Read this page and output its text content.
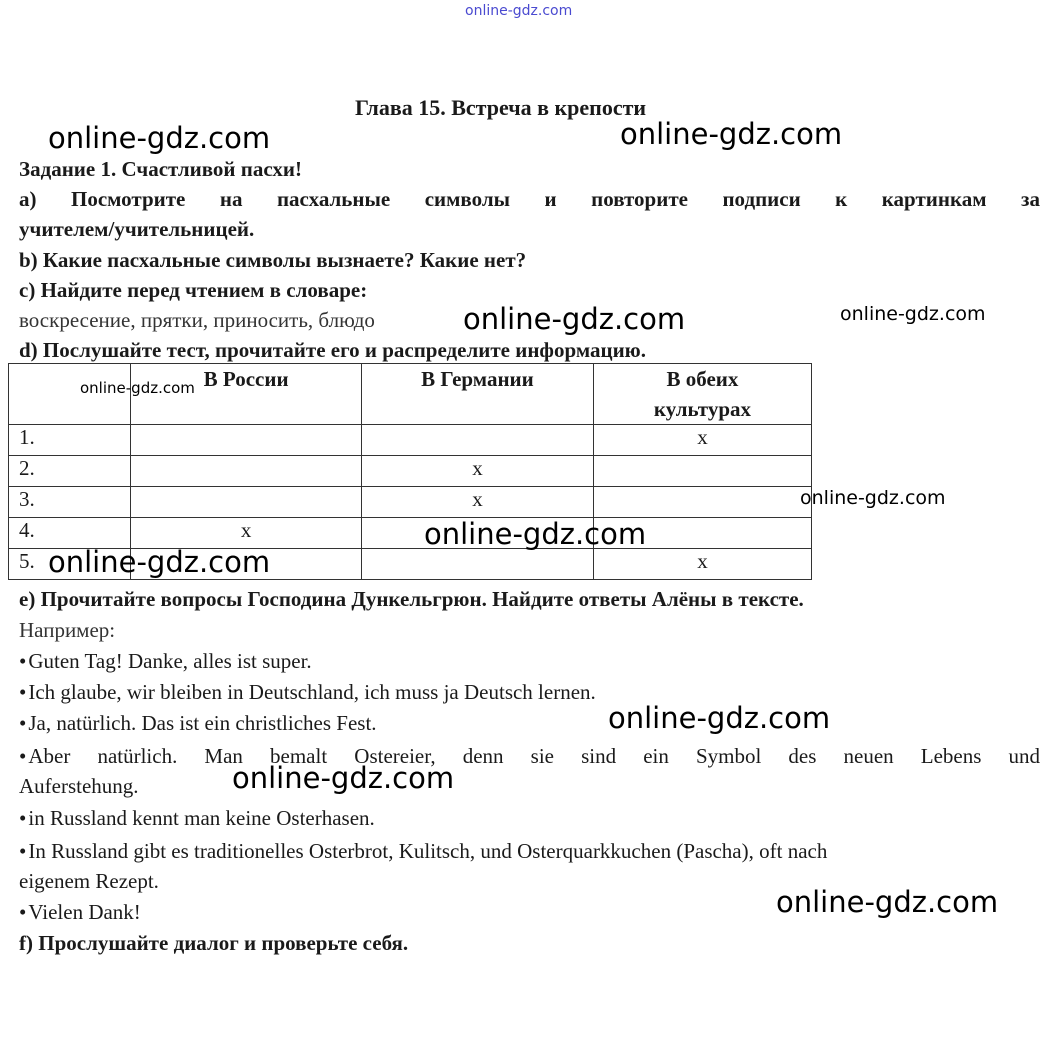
online-gdz.com
Глава 15. Встреча в крепости
Задание 1. Счастливой пасхи!
а) Посмотрите на пасхальные символы и повторите подписи к картинкам за
учителем/учительницей.
b) Какие пасхальные символы вызнаете? Какие нет?
с) Найдите перед чтением в словаре:
воскресение, прятки, приносить, блюдо
d) Послушайте тест, прочитайте его и распределите информацию.
	В России	В Германии	В обеих культурах
1.			x
2.		x	
3.		x	
4.	x		
5.			x
е) Прочитайте вопросы Господина Дункельгрюн. Найдите ответы Алёны в тексте.
Например:
• Guten Tag! Danke, alles ist super.
• Ich glaube, wir bleiben in Deutschland, ich muss ja Deutsch lernen.
• Ja, natürlich. Das ist ein christliches Fest.
• Aber natürlich. Man bemalt Ostereier, denn sie sind ein Symbol des neuen Lebens und
Auferstehung.
• in Russland kennt man keine Osterhasen.
• In Russland gibt es traditionelles Osterbrot, Kulitsch, und Osterquarkkuchen (Pascha), oft nach
eigenem Rezept.
• Vielen Dank!
f) Прослушайте диалог и проверьте себя.
online-gdz.com	online-gdz.com
online-gdz.com	online-gdz.com
online-gdz.com
online-gdz.com
online-gdz.com
online-gdz.com
online-gdz.com
online-gdz.com
online-gdz.com
